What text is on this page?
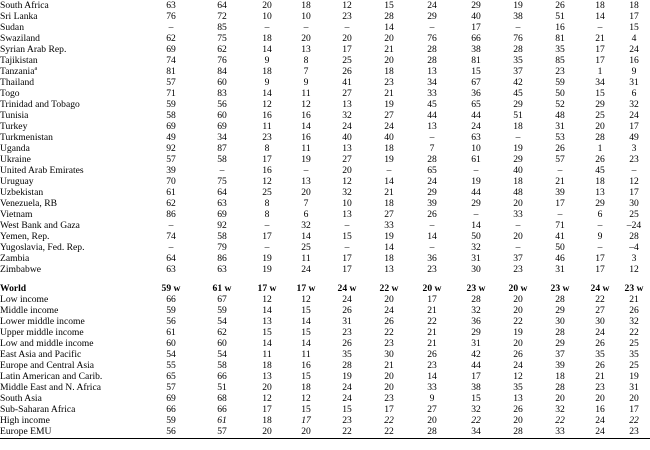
South Africa	63	64	20	18	12	15	24	29	19	26	18	18
Sri Lanka	76	72	10	10	23	28	29	40	38	51	14	17
Sudan	–	85	–	–	–	14	–	17	–	16	–	15
Swaziland	62	75	18	20	20	20	76	66	76	81	21	4
Syrian Arab Rep.	69	62	14	13	17	21	28	38	28	35	17	24
Tajikistan	74	76	9	8	25	20	28	81	35	85	17	16
Tanzania$^a$	81	84	18	7	26	18	13	15	37	23	1	9
Thailand	57	60	9	9	41	23	34	67	42	59	34	31
Togo	71	83	14	11	27	21	33	36	45	50	15	6
Trinidad and Tobago	59	56	12	12	13	19	45	65	29	52	29	32
Tunisia	58	60	16	16	32	27	44	44	51	48	25	24
Turkey	69	69	11	14	24	24	13	24	18	31	20	17
Turkmenistan	49	34	23	16	40	40	–	63	–	53	28	49
Uganda	92	87	8	11	13	18	7	10	19	26	1	3
Ukraine	57	58	17	19	27	19	28	61	29	57	26	23
United Arab Emirates	39	–	16	–	20	–	65	–	40	–	45	–
Uruguay	70	75	12	13	12	14	24	19	18	21	18	12
Uzbekistan	61	64	25	20	32	21	29	44	48	39	13	17
Venezuela, RB	62	63	8	7	10	18	39	29	20	17	29	30
Vietnam	86	69	8	6	13	27	26	–	33	–	6	25
West Bank and Gaza	–	92	–	32	–	33	–	14	–	71	–	–24
Yemen, Rep.	74	58	17	14	15	19	14	50	20	41	9	28
Yugoslavia, Fed. Rep.	–	79	–	25	–	14	–	32	–	50	–	–4
Zambia	64	86	19	11	17	18	36	31	37	46	17	3
Zimbabwe	63	63	19	24	17	13	23	30	23	31	17	12

World	59 w	61 w	17 w	17 w	24 w	22 w	20 w	23 w	20 w	23 w	24 w	23 w
Low income	66	67	12	12	24	20	17	28	20	28	22	21
Middle income	59	59	14	15	26	24	21	32	20	29	27	26
Lower middle income	56	54	13	14	31	26	22	36	22	30	30	32
Upper middle income	61	62	15	15	23	22	21	29	19	28	24	22
Low and middle income	60	60	14	14	26	23	21	31	20	29	26	25
East Asia and Pacific	54	54	11	11	35	30	26	42	26	37	35	35
Europe and Central Asia	55	58	18	16	28	21	23	44	24	39	26	25
Latin American and Carib.	65	66	13	15	19	20	14	17	12	18	21	19
Middle East and N. Africa	57	51	20	18	24	20	33	38	35	28	23	31
South Asia	69	68	12	12	24	23	9	15	13	20	20	20
Sub-Saharan Africa	66	66	17	15	15	17	27	32	26	32	16	17
High income	59	61	18	17	23	22	20	22	20	22	24	22
Europe EMU	56	57	20	20	22	22	28	34	28	33	24	23
